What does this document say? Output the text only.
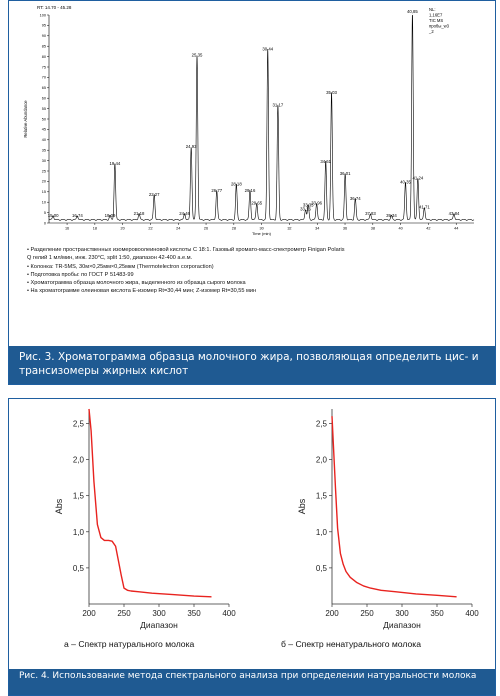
RT: 14.70 - 45.28	NL:
1,16E7
TIC MS
пробы_w3
_2
0
5
10
15
20
25
30
35
40
45
50
55
60
65
70
75
80
85
90
95
100
16	18	20	22	24	26	28	30	32	34	36	38	40	42	44
Time (min)
Relative Abundance
15,00	16,74	19,09
19,44
21,18
22,27
24,46
24,93
25,35
26,77
28,18
29,16
29,65
30,44
31,17
33,16
33,35
33,96
34,61
35,03
36,01
36,74
37,83 39,34
40,35
40,85
41,24
41,71
43,84
• Разделение пространственных изомеровоолеиновой кислоты C 18:1. Газовый хромато-масс-спектрометр Finigan Polaris
Q гелий 1 мл/мин, инж. 230°C, split 1:50, диапазон 42-400 а.е.м.
• Колонка: TR-5MS, 30м×0,25мм×0,25мкм (Thermotelectron corporaction)
• Подготовка пробы: по ГОСТ Р 51483-99
• Хроматограмма образца молочного жира, выделенного из образца сырого молока
• На хроматограмме олеиновая кислота E-изомер Rt=30,44 мин; Z-изомер Rt=30,55 мин
Рис. 3. Хроматограмма образца молочного жира, позволяющая определить цис- и трансизомеры жирных кислот
0,5
1,0
1,5
2,0
2,5
200	250	300	350	400
Диапазон
Abs
0,5
1,0
1,5
2,0
2,5
200	250	300	350	400
Диапазон
Abs
а – Спектр натурального молока	б – Спектр ненатурального молока
Рис. 4. Использование метода спектрального анализа при определении натуральности молока
